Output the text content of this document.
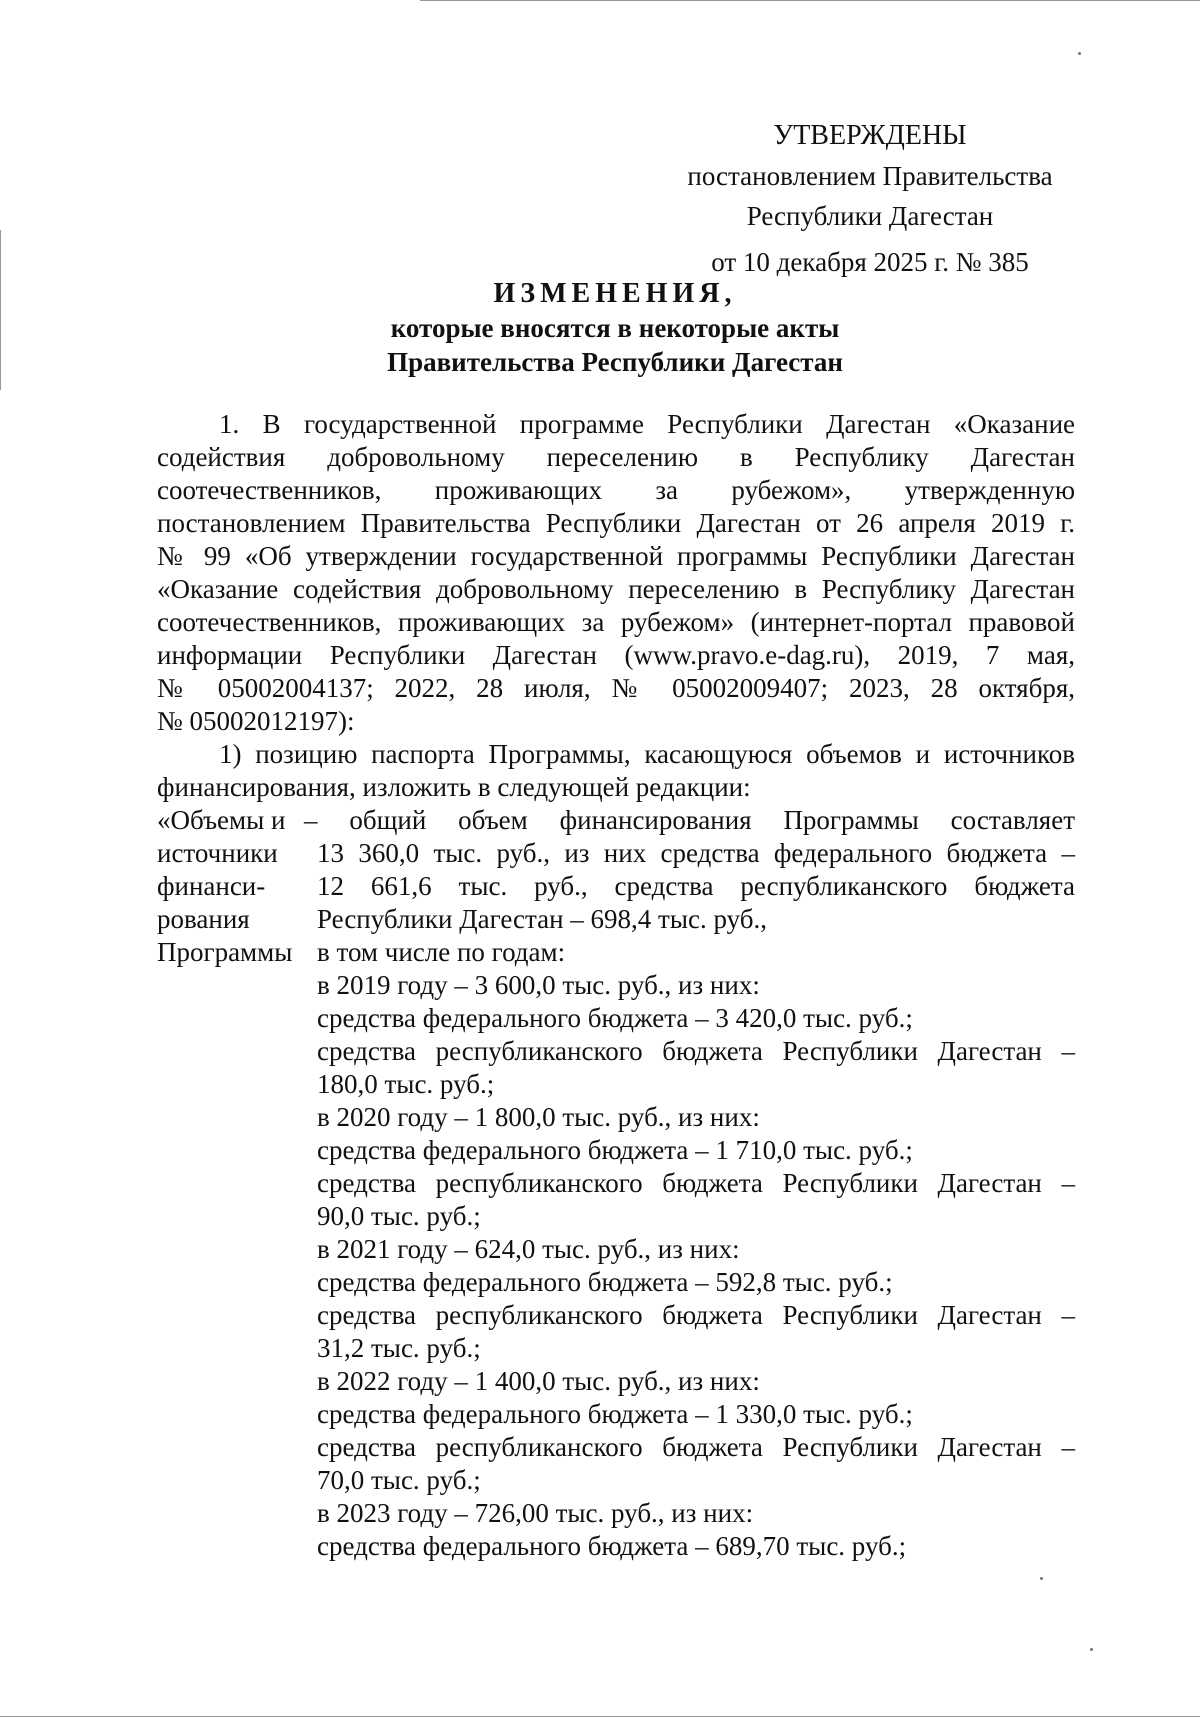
УТВЕРЖДЕНЫ
постановлением Правительства
Республики Дагестан
от 10 декабря 2025 г. № 385
ИЗМЕНЕНИЯ,
которые вносятся в некоторые акты
Правительства Республики Дагестан
1. В государственной программе Республики Дагестан «Оказание
содействия добровольному переселению в Республику Дагестан
соотечественников, проживающих за рубежом», утвержденную
постановлением Правительства Республики Дагестан от 26 апреля 2019 г.
№ 99 «Об утверждении государственной программы Республики Дагестан
«Оказание содействия добровольному переселению в Республику Дагестан
соотечественников, проживающих за рубежом» (интернет-портал правовой
информации Республики Дагестан (www.pravo.e-dag.ru), 2019, 7 мая,
№ 05002004137; 2022, 28 июля, № 05002009407; 2023, 28 октября,
№ 05002012197):
1) позицию паспорта Программы, касающуюся объемов и источников
финансирования, изложить в следующей редакции:
«Объемы и
источники
финанси-
рования
Программы
– общий объем финансирования Программы составляет
13 360,0 тыс. руб., из них средства федерального бюджета –
12 661,6 тыс. руб., средства республиканского бюджета
Республики Дагестан – 698,4 тыс. руб.,
в том числе по годам:
в 2019 году – 3 600,0 тыс. руб., из них:
средства федерального бюджета – 3 420,0 тыс. руб.;
средства республиканского бюджета Республики Дагестан –
180,0 тыс. руб.;
в 2020 году – 1 800,0 тыс. руб., из них:
средства федерального бюджета – 1 710,0 тыс. руб.;
средства республиканского бюджета Республики Дагестан –
90,0 тыс. руб.;
в 2021 году – 624,0 тыс. руб., из них:
средства федерального бюджета – 592,8 тыс. руб.;
средства республиканского бюджета Республики Дагестан –
31,2 тыс. руб.;
в 2022 году – 1 400,0 тыс. руб., из них:
средства федерального бюджета – 1 330,0 тыс. руб.;
средства республиканского бюджета Республики Дагестан –
70,0 тыс. руб.;
в 2023 году – 726,00 тыс. руб., из них:
средства федерального бюджета – 689,70 тыс. руб.;
